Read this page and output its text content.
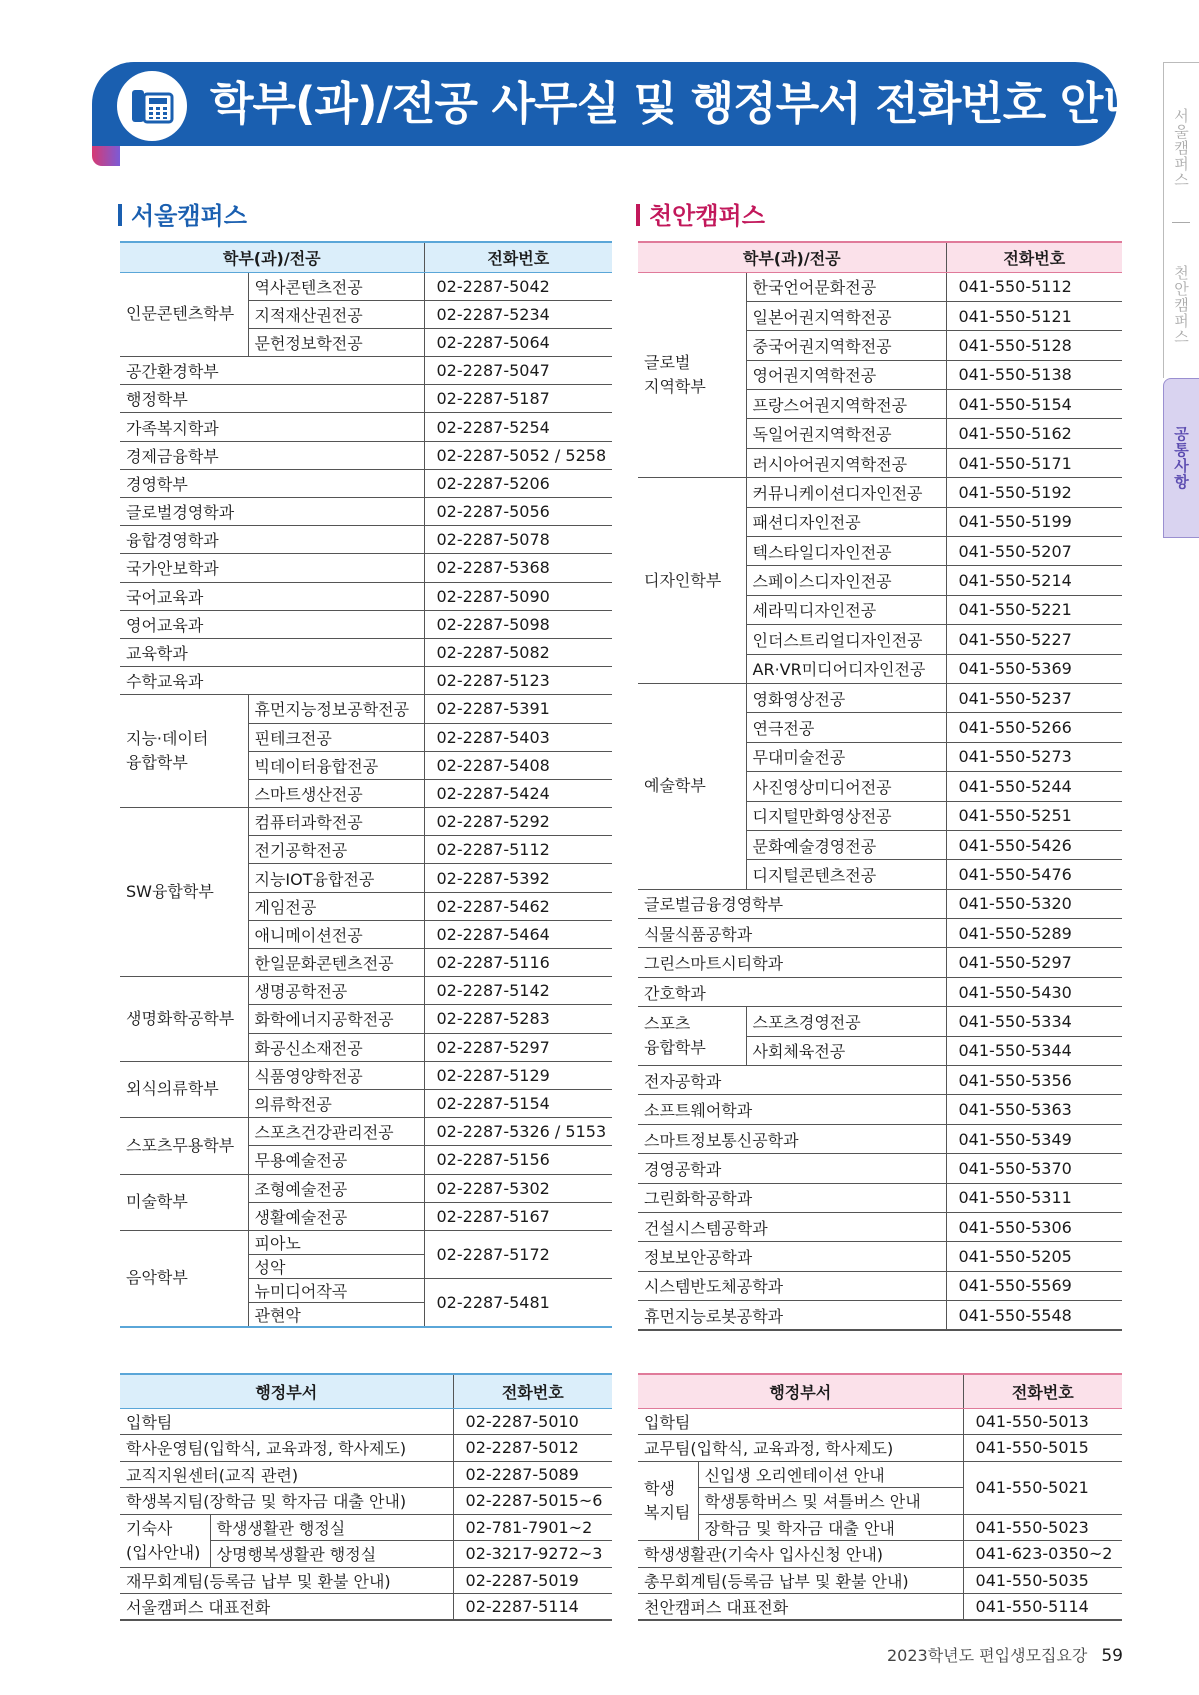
학부(과)/전공 사무실 및 행정부서 전화번호 안내
서울캠퍼스
천안캠퍼스
공통사항
서울캠퍼스	천안캠퍼스
학부(과)/전공		전화번호
인문콘텐츠학부	역사콘텐츠전공	02-2287-5042
	지적재산권전공	02-2287-5234
	문헌정보학전공	02-2287-5064
공간환경학부		02-2287-5047
행정학부		02-2287-5187
가족복지학과		02-2287-5254
경제금융학부		02-2287-5052 / 5258
경영학부		02-2287-5206
글로벌경영학과		02-2287-5056
융합경영학과		02-2287-5078
국가안보학과		02-2287-5368
국어교육과		02-2287-5090
영어교육과		02-2287-5098
교육학과		02-2287-5082
수학교육과		02-2287-5123
지능·데이터
융합학부	휴먼지능정보공학전공	02-2287-5391
	핀테크전공	02-2287-5403
	빅데이터융합전공	02-2287-5408
	스마트생산전공	02-2287-5424
SW융합학부	컴퓨터과학전공	02-2287-5292
	전기공학전공	02-2287-5112
	지능IOT융합전공	02-2287-5392
	게임전공	02-2287-5462
	애니메이션전공	02-2287-5464
	한일문화콘텐츠전공	02-2287-5116
생명화학공학부	생명공학전공	02-2287-5142
	화학에너지공학전공	02-2287-5283
	화공신소재전공	02-2287-5297
외식의류학부	식품영양학전공	02-2287-5129
	의류학전공	02-2287-5154
스포츠무용학부	스포츠건강관리전공	02-2287-5326 / 5153
	무용예술전공	02-2287-5156
미술학부	조형예술전공	02-2287-5302
	생활예술전공	02-2287-5167
음악학부	피아노	02-2287-5172
	성악	
	뉴미디어작곡	02-2287-5481
	관현악	
학부(과)/전공		전화번호
글로벌
지역학부	한국언어문화전공	041-550-5112
	일본어권지역학전공	041-550-5121
	중국어권지역학전공	041-550-5128
	영어권지역학전공	041-550-5138
	프랑스어권지역학전공	041-550-5154
	독일어권지역학전공	041-550-5162
	러시아어권지역학전공	041-550-5171
디자인학부	커뮤니케이션디자인전공	041-550-5192
	패션디자인전공	041-550-5199
	텍스타일디자인전공	041-550-5207
	스페이스디자인전공	041-550-5214
	세라믹디자인전공	041-550-5221
	인더스트리얼디자인전공	041-550-5227
	AR·VR미디어디자인전공	041-550-5369
예술학부	영화영상전공	041-550-5237
	연극전공	041-550-5266
	무대미술전공	041-550-5273
	사진영상미디어전공	041-550-5244
	디지털만화영상전공	041-550-5251
	문화예술경영전공	041-550-5426
	디지털콘텐츠전공	041-550-5476
글로벌금융경영학부		041-550-5320
식물식품공학과		041-550-5289
그린스마트시티학과		041-550-5297
간호학과		041-550-5430
스포츠
융합학부	스포츠경영전공	041-550-5334
	사회체육전공	041-550-5344
전자공학과		041-550-5356
소프트웨어학과		041-550-5363
스마트정보통신공학과		041-550-5349
경영공학과		041-550-5370
그린화학공학과		041-550-5311
건설시스템공학과		041-550-5306
정보보안공학과		041-550-5205
시스템반도체공학과		041-550-5569
휴먼지능로봇공학과		041-550-5548
행정부서		전화번호
입학팀		02-2287-5010
학사운영팀(입학식, 교육과정, 학사제도)		02-2287-5012
교직지원센터(교직 관련)		02-2287-5089
학생복지팀(장학금 및 학자금 대출 안내)		02-2287-5015~6
기숙사
(입사안내)	학생생활관 행정실	02-781-7901~2
	상명행복생활관 행정실	02-3217-9272~3
재무회계팀(등록금 납부 및 환불 안내)		02-2287-5019
서울캠퍼스 대표전화		02-2287-5114
행정부서		전화번호
입학팀		041-550-5013
교무팀(입학식, 교육과정, 학사제도)		041-550-5015
학생
복지팀	신입생 오리엔테이션 안내	041-550-5021
	학생통학버스 및 셔틀버스 안내	
	장학금 및 학자금 대출 안내	041-550-5023
학생생활관(기숙사 입사신청 안내)		041-623-0350~2
총무회계팀(등록금 납부 및 환불 안내)		041-550-5035
천안캠퍼스 대표전화		041-550-5114
2023학년도 편입생모집요강 59
